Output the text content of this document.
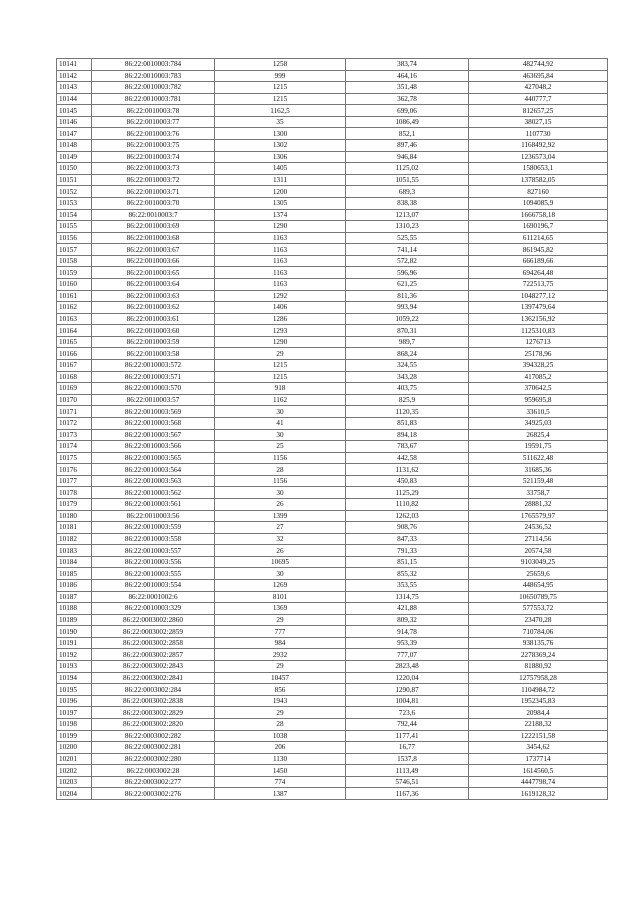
10141	86:22:0010003:784	1258	383,74	482744,92
10142	86:22:0010003:783	999	464,16	463695,84
10143	86:22:0010003:782	1215	351,48	427048,2
10144	86:22:0010003:781	1215	362,78	440777,7
10145	86:22:0010003:78	1162,5	699,06	812657,25
10146	86:22:0010003:77	35	1086,49	38027,15
10147	86:22:0010003:76	1300	852,1	1107730
10148	86:22:0010003:75	1302	897,46	1168492,92
10149	86:22:0010003:74	1306	946,84	1236573,04
10150	86:22:0010003:73	1405	1125,02	1580653,1
10151	86:22:0010003:72	1311	1051,55	1378582,05
10152	86:22:0010003:71	1200	689,3	827160
10153	86:22:0010003:70	1305	838,38	1094085,9
10154	86:22:0010003:7	1374	1213,07	1666758,18
10155	86:22:0010003:69	1290	1310,23	1690196,7
10156	86:22:0010003:68	1163	525,55	611214,65
10157	86:22:0010003:67	1163	741,14	861945,82
10158	86:22:0010003:66	1163	572,82	666189,66
10159	86:22:0010003:65	1163	596,96	694264,48
10160	86:22:0010003:64	1163	621,25	722513,75
10161	86:22:0010003:63	1292	811,36	1048277,12
10162	86:22:0010003:62	1406	993,94	1397479,64
10163	86:22:0010003:61	1286	1059,22	1362156,92
10164	86:22:0010003:60	1293	870,31	1125310,83
10165	86:22:0010003:59	1290	989,7	1276713
10166	86:22:0010003:58	29	868,24	25178,96
10167	86:22:0010003:572	1215	324,55	394328,25
10168	86:22:0010003:571	1215	343,28	417085,2
10169	86:22:0010003:570	918	403,75	370642,5
10170	86:22:0010003:57	1162	825,9	959695,8
10171	86:22:0010003:569	30	1120,35	33610,5
10172	86:22:0010003:568	41	851,83	34925,03
10173	86:22:0010003:567	30	894,18	26825,4
10174	86:22:0010003:566	25	783,67	19591,75
10175	86:22:0010003:565	1156	442,58	511622,48
10176	86:22:0010003:564	28	1131,62	31685,36
10177	86:22:0010003:563	1156	450,83	521159,48
10178	86:22:0010003:562	30	1125,29	33758,7
10179	86:22:0010003:561	26	1110,82	28881,32
10180	86:22:0010003:56	1399	1262,03	1765579,97
10181	86:22:0010003:559	27	908,76	24536,52
10182	86:22:0010003:558	32	847,33	27114,56
10183	86:22:0010003:557	26	791,33	20574,58
10184	86:22:0010003:556	10695	851,15	9103049,25
10185	86:22:0010003:555	30	855,32	25659,6
10186	86:22:0010003:554	1269	353,55	448654,95
10187	86:22:0001002:6	8101	1314,75	10650789,75
10188	86:22:0010003:329	1369	421,88	577553,72
10189	86:22:0003002:2860	29	809,32	23470,28
10190	86:22:0003002:2859	777	914,78	710784,06
10191	86:22:0003002:2858	984	953,39	938135,76
10192	86:22:0003002:2857	2932	777,07	2278369,24
10193	86:22:0003002:2843	29	2823,48	81880,92
10194	86:22:0003002:2841	10457	1220,04	12757958,28
10195	86:22:0003002:284	856	1290,87	1104984,72
10196	86:22:0003002:2838	1943	1004,81	1952345,83
10197	86:22:0003002:2829	29	723,6	20984,4
10198	86:22:0003002:2820	28	792,44	22188,32
10199	86:22:0003002:282	1038	1177,41	1222151,58
10200	86:22:0003002:281	206	16,77	3454,62
10201	86:22:0003002:280	1130	1537,8	1737714
10202	86:22:0003002:28	1450	1113,49	1614560,5
10203	86:22:0003002:277	774	5746,51	4447798,74
10204	86:22:0003002:276	1387	1167,36	1619128,32
